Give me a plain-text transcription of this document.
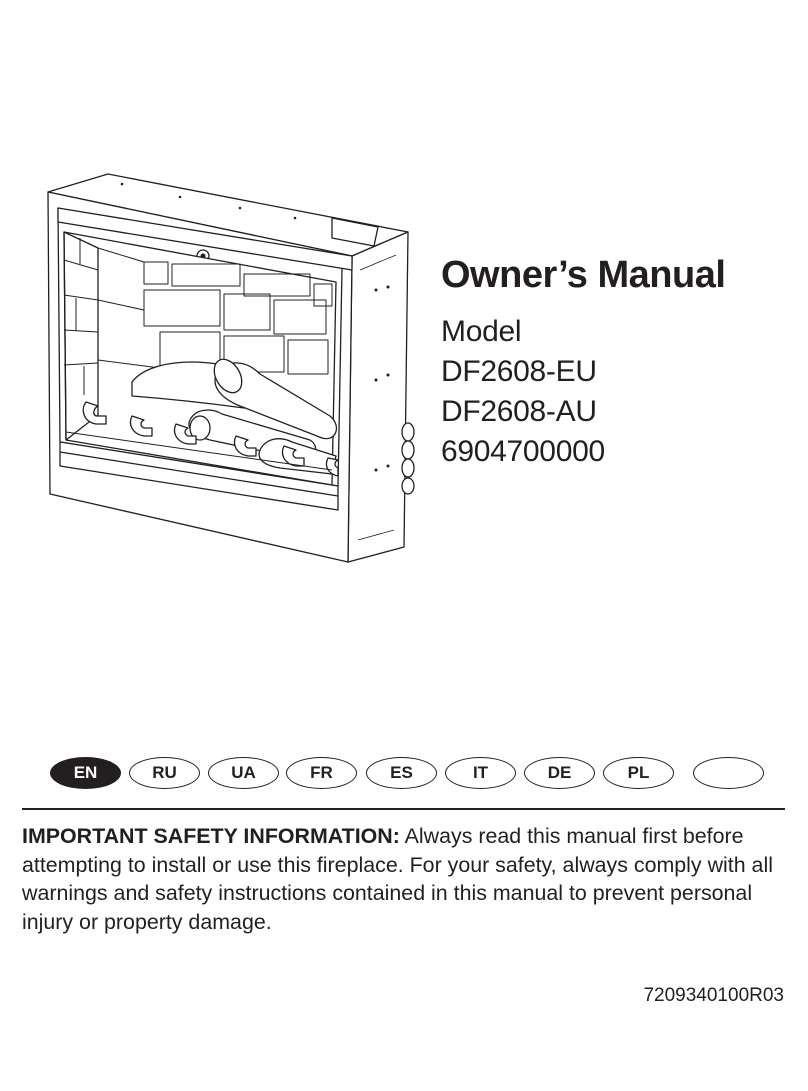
Owner’s Manual
Model
DF2608-EU
DF2608-AU
6904700000
EN	RU	UA	FR	ES	IT	DE	PL

IMPORTANT SAFETY INFORMATION: Always read this manual first before attempting to install or use this fireplace. For your safety, always comply with all warnings and safety instructions contained in this manual to prevent personal injury or property damage.

7209340100R03
